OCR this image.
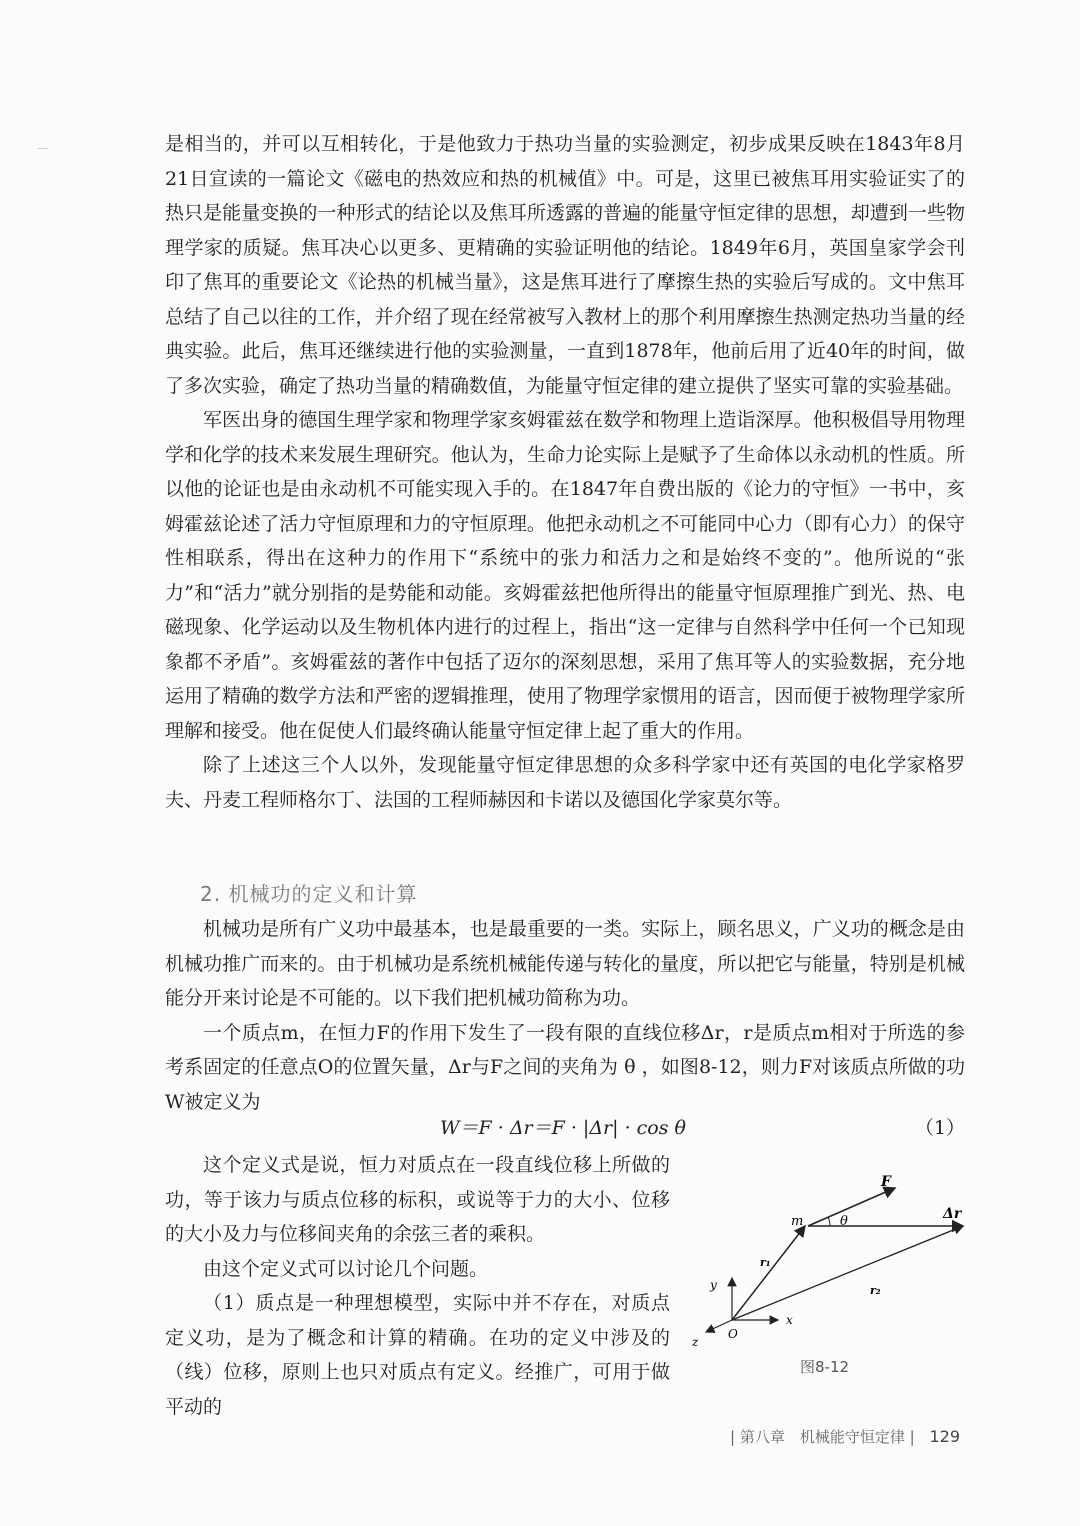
是相当的，并可以互相转化，于是他致力于热功当量的实验测定，初步成果反映在1843年8月21日宣读的一篇论文《磁电的热效应和热的机械值》中。可是，这里已被焦耳用实验证实了的热只是能量变换的一种形式的结论以及焦耳所透露的普遍的能量守恒定律的思想，却遭到一些物理学家的质疑。焦耳决心以更多、更精确的实验证明他的结论。1849年6月，英国皇家学会刊印了焦耳的重要论文《论热的机械当量》，这是焦耳进行了摩擦生热的实验后写成的。文中焦耳总结了自己以往的工作，并介绍了现在经常被写入教材上的那个利用摩擦生热测定热功当量的经典实验。此后，焦耳还继续进行他的实验测量，一直到1878年，他前后用了近40年的时间，做了多次实验，确定了热功当量的精确数值，为能量守恒定律的建立提供了坚实可靠的实验基础。

军医出身的德国生理学家和物理学家亥姆霍兹在数学和物理上造诣深厚。他积极倡导用物理学和化学的技术来发展生理研究。他认为，生命力论实际上是赋予了生命体以永动机的性质。所以他的论证也是由永动机不可能实现入手的。在1847年自费出版的《论力的守恒》一书中，亥姆霍兹论述了活力守恒原理和力的守恒原理。他把永动机之不可能同中心力（即有心力）的保守性相联系，得出在这种力的作用下“系统中的张力和活力之和是始终不变的”。他所说的“张力”和“活力”就分别指的是势能和动能。亥姆霍兹把他所得出的能量守恒原理推广到光、热、电磁现象、化学运动以及生物机体内进行的过程上，指出“这一定律与自然科学中任何一个已知现象都不矛盾”。亥姆霍兹的著作中包括了迈尔的深刻思想，采用了焦耳等人的实验数据，充分地运用了精确的数学方法和严密的逻辑推理，使用了物理学家惯用的语言，因而便于被物理学家所理解和接受。他在促使人们最终确认能量守恒定律上起了重大的作用。

除了上述这三个人以外，发现能量守恒定律思想的众多科学家中还有英国的电化学家格罗夫、丹麦工程师格尔丁、法国的工程师赫因和卡诺以及德国化学家莫尔等。

2. 机械功的定义和计算

机械功是所有广义功中最基本，也是最重要的一类。实际上，顾名思义，广义功的概念是由机械功推广而来的。由于机械功是系统机械能传递与转化的量度，所以把它与能量，特别是机械能分开来讨论是不可能的。以下我们把机械功简称为功。

一个质点m，在恒力F的作用下发生了一段有限的直线位移Δr，r是质点m相对于所选的参考系固定的任意点O的位置矢量，Δr与F之间的夹角为 θ ，如图8-12，则力F对该质点所做的功W被定义为

W＝F · Δr＝F · |Δr| · cos θ	（1）

这个定义式是说，恒力对质点在一段直线位移上所做的功，等于该力与质点位移的标积，或说等于力的大小、位移的大小及力与位移间夹角的余弦三者的乘积。

由这个定义式可以讨论几个问题。

（1）质点是一种理想模型，实际中并不存在，对质点定义功，是为了概念和计算的精确。在功的定义中涉及的（线）位移，原则上也只对质点有定义。经推广，可用于做平动的

F
Δr
m	θ
r₁
r₂
y
x
z
O
图8-12
| 第八章　机械能守恒定律 | 129
